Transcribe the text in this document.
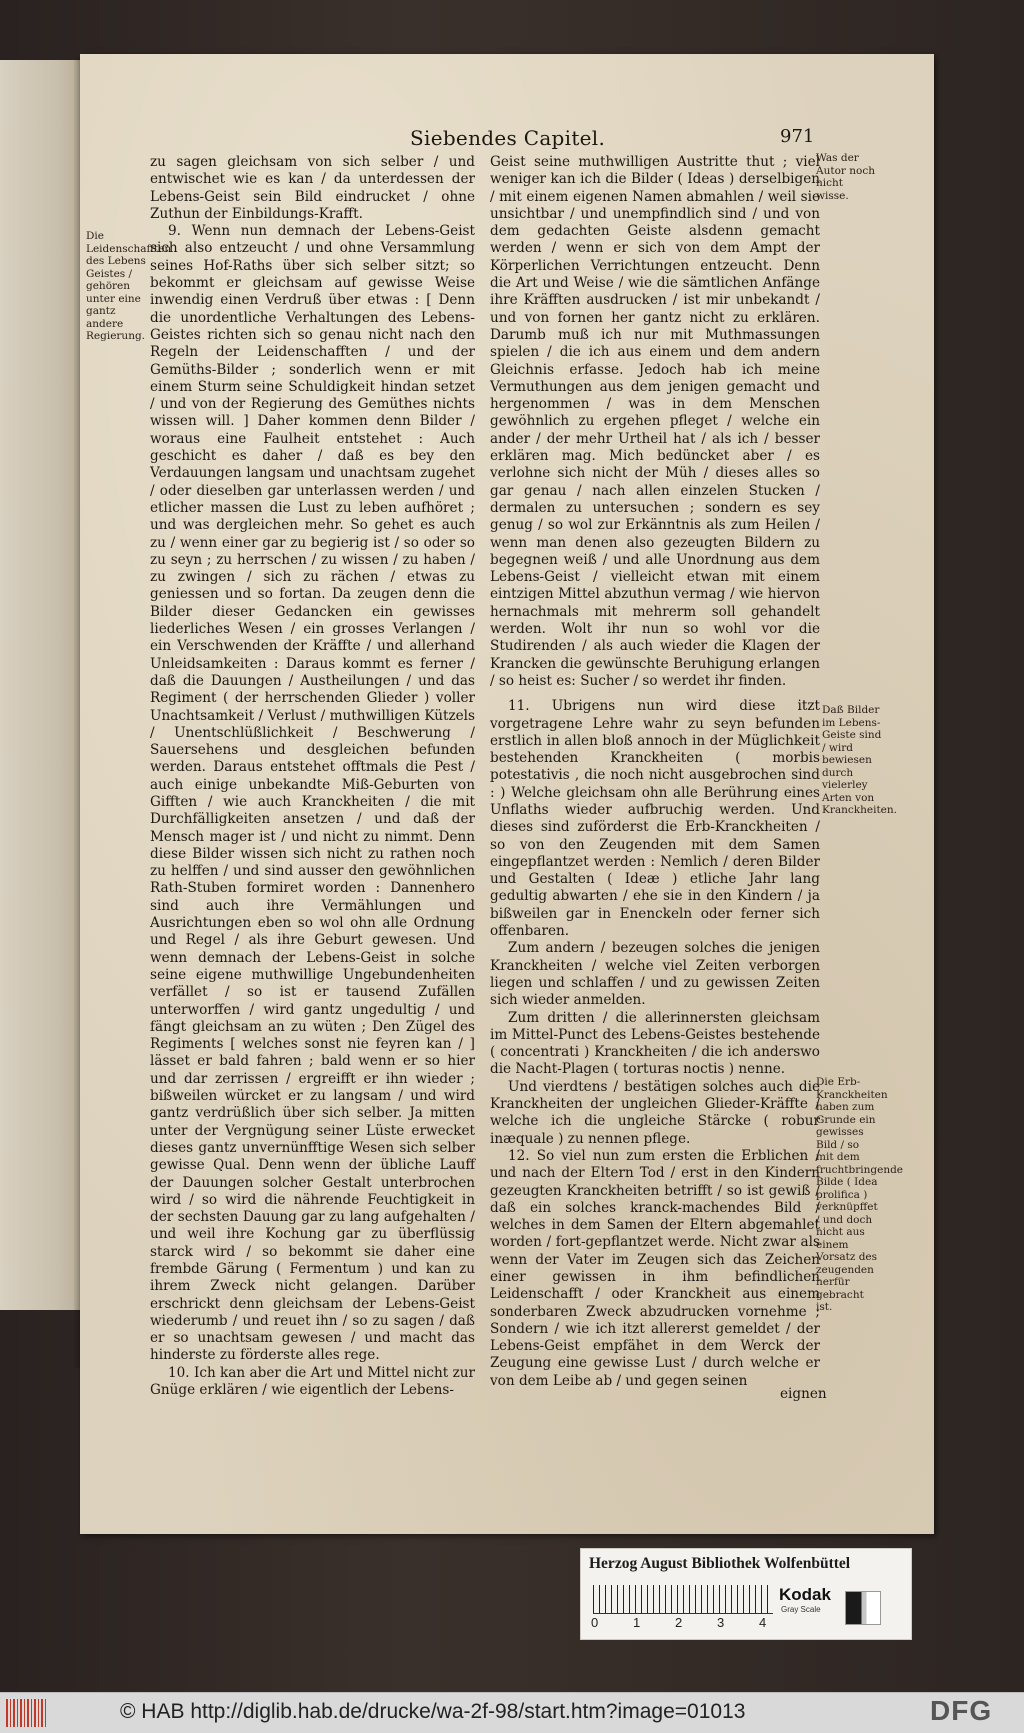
Siebendes Capitel.	971

zu sagen gleichsam von sich selber / und entwischet wie es kan / da unterdessen der Lebens-Geist sein Bild eindrucket / ohne Zuthun der Einbildungs-Krafft.

9. Wenn nun demnach der Lebens-Geist sich also entzeucht / und ohne Versammlung seines Hof-Raths über sich selber sitzt; so bekommt er gleichsam auf gewisse Weise inwendig einen Verdruß über etwas : [ Denn die unordentliche Verhaltungen des Lebens-Geistes richten sich so genau nicht nach den Regeln der Leidenschafften / und der Gemüths-Bilder ; sonderlich wenn er mit einem Sturm seine Schuldigkeit hindan setzet / und von der Regierung des Gemüthes nichts wissen will. ] Daher kommen denn Bilder / woraus eine Faulheit entstehet : Auch geschicht es daher / daß es bey den Verdauungen langsam und unachtsam zugehet / oder dieselben gar unterlassen werden / und etlicher massen die Lust zu leben aufhöret ; und was dergleichen mehr. So gehet es auch zu / wenn einer gar zu begierig ist / so oder so zu seyn ; zu herrschen / zu wissen / zu haben / zu zwingen / sich zu rächen / etwas zu geniessen und so fortan. Da zeugen denn die Bilder dieser Gedancken ein gewisses liederliches Wesen / ein grosses Verlangen / ein Verschwenden der Kräffte / und allerhand Unleidsamkeiten : Daraus kommt es ferner / daß die Dauungen / Austheilungen / und das Regiment ( der herrschenden Glieder ) voller Unachtsamkeit / Verlust / muthwilligen Kützels / Unentschlüßlichkeit / Beschwerung / Sauersehens und desgleichen befunden werden. Daraus entstehet offtmals die Pest / auch einige unbekandte Miß-Geburten von Gifften / wie auch Kranckheiten / die mit Durchfälligkeiten ansetzen / und daß der Mensch mager ist / und nicht zu nimmt. Denn diese Bilder wissen sich nicht zu rathen noch zu helffen / und sind ausser den gewöhnlichen Rath-Stuben formiret worden : Dannenhero sind auch ihre Vermählungen und Ausrichtungen eben so wol ohn alle Ordnung und Regel / als ihre Geburt gewesen. Und wenn demnach der Lebens-Geist in solche seine eigene muthwillige Ungebundenheiten verfället / so ist er tausend Zufällen unterworffen / wird gantz ungedultig / und fängt gleichsam an zu wüten ; Den Zügel des Regiments [ welches sonst nie feyren kan / ] lässet er bald fahren ; bald wenn er so hier und dar zerrissen / ergreifft er ihn wieder ; bißweilen würcket er zu langsam / und wird gantz verdrüßlich über sich selber. Ja mitten unter der Vergnügung seiner Lüste erwecket dieses gantz unvernünfftige Wesen sich selber gewisse Qual. Denn wenn der übliche Lauff der Dauungen solcher Gestalt unterbrochen wird / so wird die nährende Feuchtigkeit in der sechsten Dauung gar zu lang aufgehalten / und weil ihre Kochung gar zu überflüssig starck wird / so bekommt sie daher eine frembde Gärung ( Fermentum ) und kan zu ihrem Zweck nicht gelangen. Darüber erschrickt denn gleichsam der Lebens-Geist wiederumb / und reuet ihn / so zu sagen / daß er so unachtsam gewesen / und macht das hinderste zu förderste alles rege.

10. Ich kan aber die Art und Mittel nicht zur Gnüge erklären / wie eigentlich der Lebens-

Geist seine muthwilligen Austritte thut ; viel weniger kan ich die Bilder ( Ideas ) derselbigen / mit einem eigenen Namen abmahlen / weil sie unsichtbar / und unempfindlich sind / und von dem gedachten Geiste alsdenn gemacht werden / wenn er sich von dem Ampt der Körperlichen Verrichtungen entzeucht. Denn die Art und Weise / wie die sämtlichen Anfänge ihre Kräfften ausdrucken / ist mir unbekandt / und von fornen her gantz nicht zu erklären. Darumb muß ich nur mit Muthmassungen spielen / die ich aus einem und dem andern Gleichnis erfasse. Jedoch hab ich meine Vermuthungen aus dem jenigen gemacht und hergenommen / was in dem Menschen gewöhnlich zu ergehen pfleget / welche ein ander / der mehr Urtheil hat / als ich / besser erklären mag. Mich bedüncket aber / es verlohne sich nicht der Müh / dieses alles so gar genau / nach allen einzelen Stucken / dermalen zu untersuchen ; sondern es sey genug / so wol zur Erkänntnis als zum Heilen / wenn man denen also gezeugten Bildern zu begegnen weiß / und alle Unordnung aus dem Lebens-Geist / vielleicht etwan mit einem eintzigen Mittel abzuthun vermag / wie hiervon hernachmals mit mehrerm soll gehandelt werden. Wolt ihr nun so wohl vor die Studirenden / als auch wieder die Klagen der Krancken die gewünschte Beruhigung erlangen / so heist es: Sucher / so werdet ihr finden.

11. Ubrigens nun wird diese itzt vorgetragene Lehre wahr zu seyn befunden erstlich in allen bloß annoch in der Müglichkeit bestehenden Kranckheiten ( morbis potestativis , die noch nicht ausgebrochen sind : ) Welche gleichsam ohn alle Berührung eines Unflaths wieder aufbruchig werden. Und dieses sind zuförderst die Erb-Kranckheiten / so von den Zeugenden mit dem Samen eingepflantzet werden : Nemlich / deren Bilder und Gestalten ( Ideæ ) etliche Jahr lang gedultig abwarten / ehe sie in den Kindern / ja bißweilen gar in Enenckeln oder ferner sich offenbaren.

Zum andern / bezeugen solches die jenigen Kranckheiten / welche viel Zeiten verborgen liegen und schlaffen / und zu gewissen Zeiten sich wieder anmelden.

Zum dritten / die allerinnersten gleichsam im Mittel-Punct des Lebens-Geistes bestehende ( concentrati ) Kranckheiten / die ich anderswo die Nacht-Plagen ( torturas noctis ) nenne.

Und vierdtens / bestätigen solches auch die Kranckheiten der ungleichen Glieder-Kräffte / welche ich die ungleiche Stärcke ( robur inæquale ) zu nennen pflege.

12. So viel nun zum ersten die Erblichen / und nach der Eltern Tod / erst in den Kindern gezeugten Kranckheiten betrifft / so ist gewiß / daß ein solches kranck-machendes Bild / welches in dem Samen der Eltern abgemahlet worden / fort-gepflantzet werde. Nicht zwar als wenn der Vater im Zeugen sich das Zeichen einer gewissen in ihm befindlichen Leidenschafft / oder Kranckheit aus einem sonderbaren Zweck abzudrucken vornehme ; Sondern / wie ich itzt allererst gemeldet / der Lebens-Geist empfähet in dem Werck der Zeugung eine gewisse Lust / durch welche er von dem Leibe ab / und gegen seinen

eignen
Die Leidenschafften des Lebens Geistes / gehören unter eine gantz andere Regierung.
Was der Autor noch nicht wisse.
Daß Bilder im Lebens-Geiste sind / wird bewiesen durch vielerley Arten von Kranckheiten.
Die Erb-Kranckheiten haben zum Grunde ein gewisses Bild / so mit dem fruchtbringende Bilde ( Idea prolifica ) verknüpffet / und doch nicht aus einem Vorsatz des zeugenden herfür gebracht ist.
Herzog August Bibliothek Wolfenbüttel
0	1	2	3	4
Kodak
Gray Scale
© HAB http://diglib.hab.de/drucke/wa-2f-98/start.htm?image=01013	DFG
